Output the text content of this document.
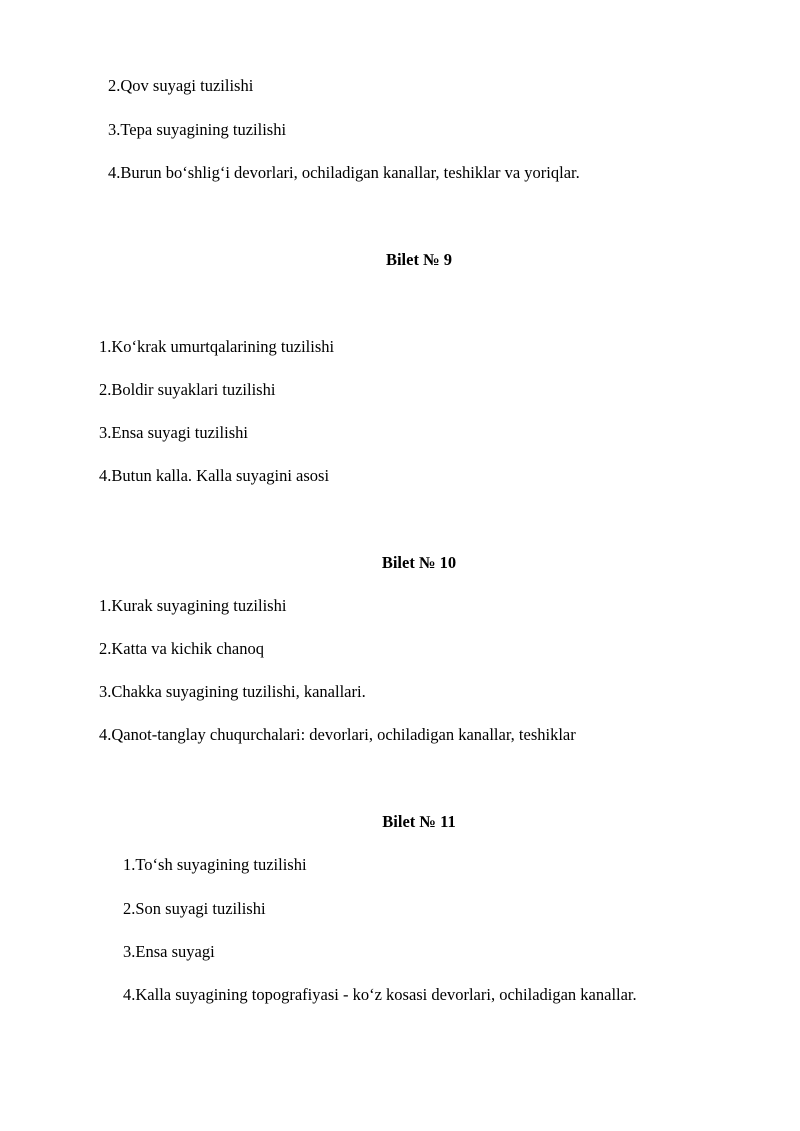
2.Qov suyagi tuzilishi
3.Tepa suyagining tuzilishi
4.Burun bo‘shlig‘i devorlari, ochiladigan kanallar, teshiklar va yoriqlar.
Bilet № 9
1.Ko‘krak umurtqalarining tuzilishi
2.Boldir suyaklari tuzilishi
3.Ensa suyagi tuzilishi
4.Butun kalla. Kalla suyagini asosi
Bilet № 10
1.Kurak suyagining tuzilishi
2.Katta va kichik chanoq
3.Chakka suyagining tuzilishi, kanallari.
4.Qanot-tanglay chuqurchalari: devorlari, ochiladigan kanallar, teshiklar
Bilet № 11
1.To‘sh suyagining tuzilishi
2.Son suyagi tuzilishi
3.Ensa suyagi
4.Kalla suyagining topografiyasi - ko‘z kosasi devorlari, ochiladigan kanallar.
